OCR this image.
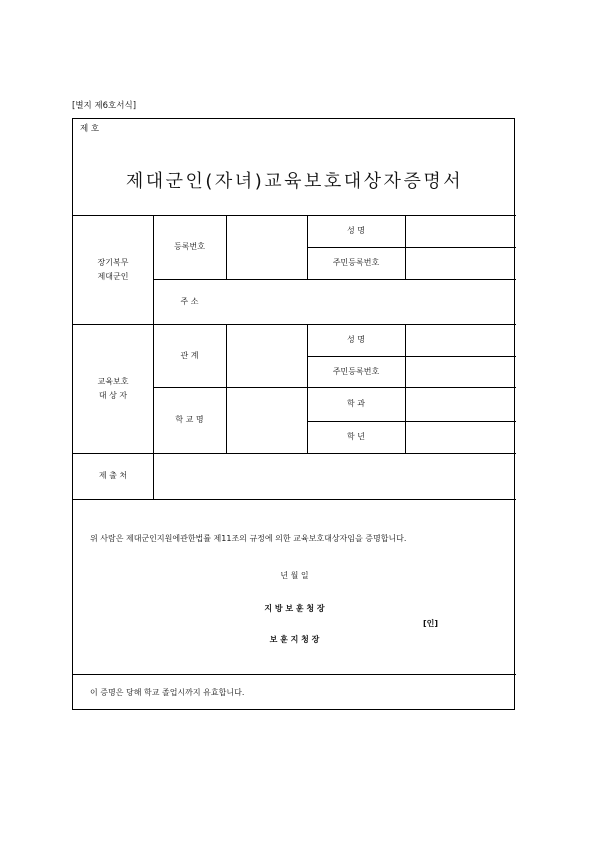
[별지 제6호서식]
제 호
제대군인(자녀)교육보호대상자증명서
장기복무
제대군인
등록번호
성 명
주민등록번호
주 소
교육보호
대 상 자
관 계
성 명
주민등록번호
학 교 명
학 과
학 년
제 출 처
위 사람은 제대군인지원에관한법률 제11조의 규정에 의한 교육보호대상자임을 증명합니다.
년 월 일
지 방 보 훈 청 장
[인]
보 훈 지 청 장
이 증명은 당해 학교 졸업시까지 유효합니다.
